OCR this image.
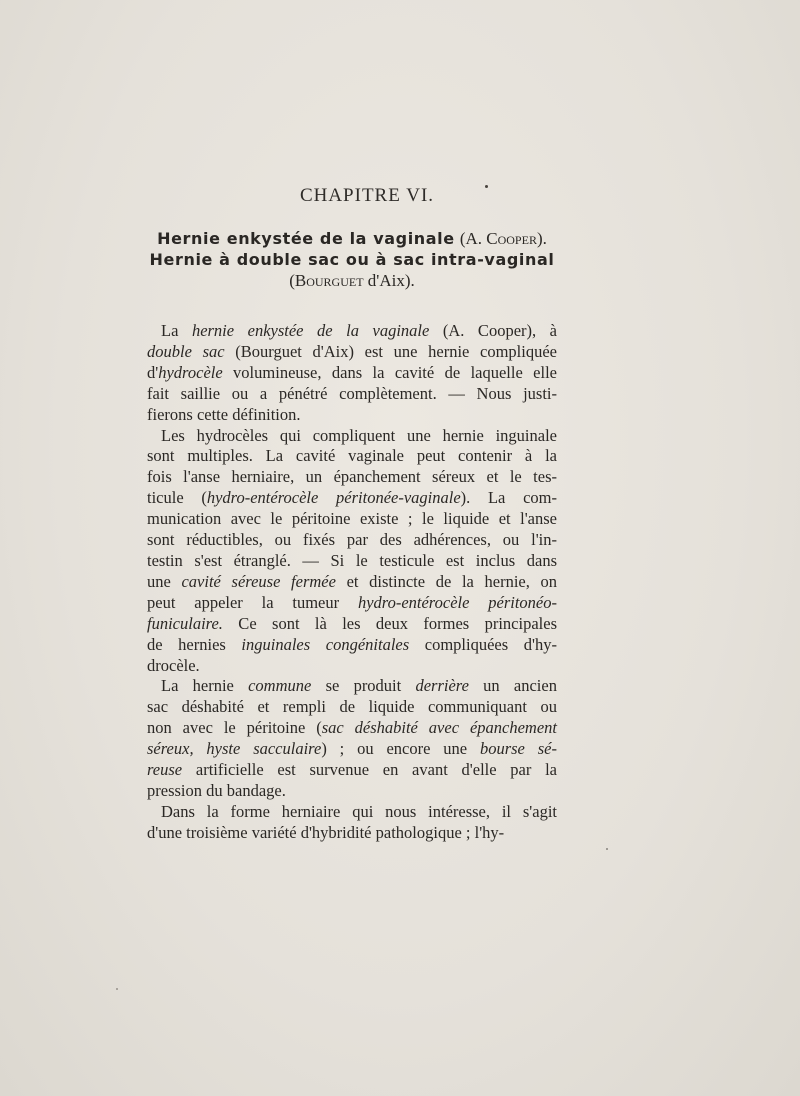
CHAPITRE VI.
Hernie enkystée de la vaginale (A. Cooper).
Hernie à double sac ou à sac intra-vaginal
(Bourguet d'Aix).
La hernie enkystée de la vaginale (A. Cooper), à
double sac (Bourguet d'Aix) est une hernie compliquée
d'hydrocèle volumineuse, dans la cavité de laquelle elle
fait saillie ou a pénétré complètement. — Nous justi-
fierons cette définition.
Les hydrocèles qui compliquent une hernie inguinale
sont multiples. La cavité vaginale peut contenir à la
fois l'anse herniaire, un épanchement séreux et le tes-
ticule (hydro-entérocèle péritonée-vaginale). La com-
munication avec le péritoine existe ; le liquide et l'anse
sont réductibles, ou fixés par des adhérences, ou l'in-
testin s'est étranglé. — Si le testicule est inclus dans
une cavité séreuse fermée et distincte de la hernie, on
peut appeler la tumeur hydro-entérocèle péritonéo-
funiculaire. Ce sont là les deux formes principales
de hernies inguinales congénitales compliquées d'hy-
drocèle.
La hernie commune se produit derrière un ancien
sac déshabité et rempli de liquide communiquant ou
non avec le péritoine (sac déshabité avec épanchement
séreux, hyste sacculaire) ; ou encore une bourse sé-
reuse artificielle est survenue en avant d'elle par la
pression du bandage.
Dans la forme herniaire qui nous intéresse, il s'agit
d'une troisième variété d'hybridité pathologique ; l'hy-
